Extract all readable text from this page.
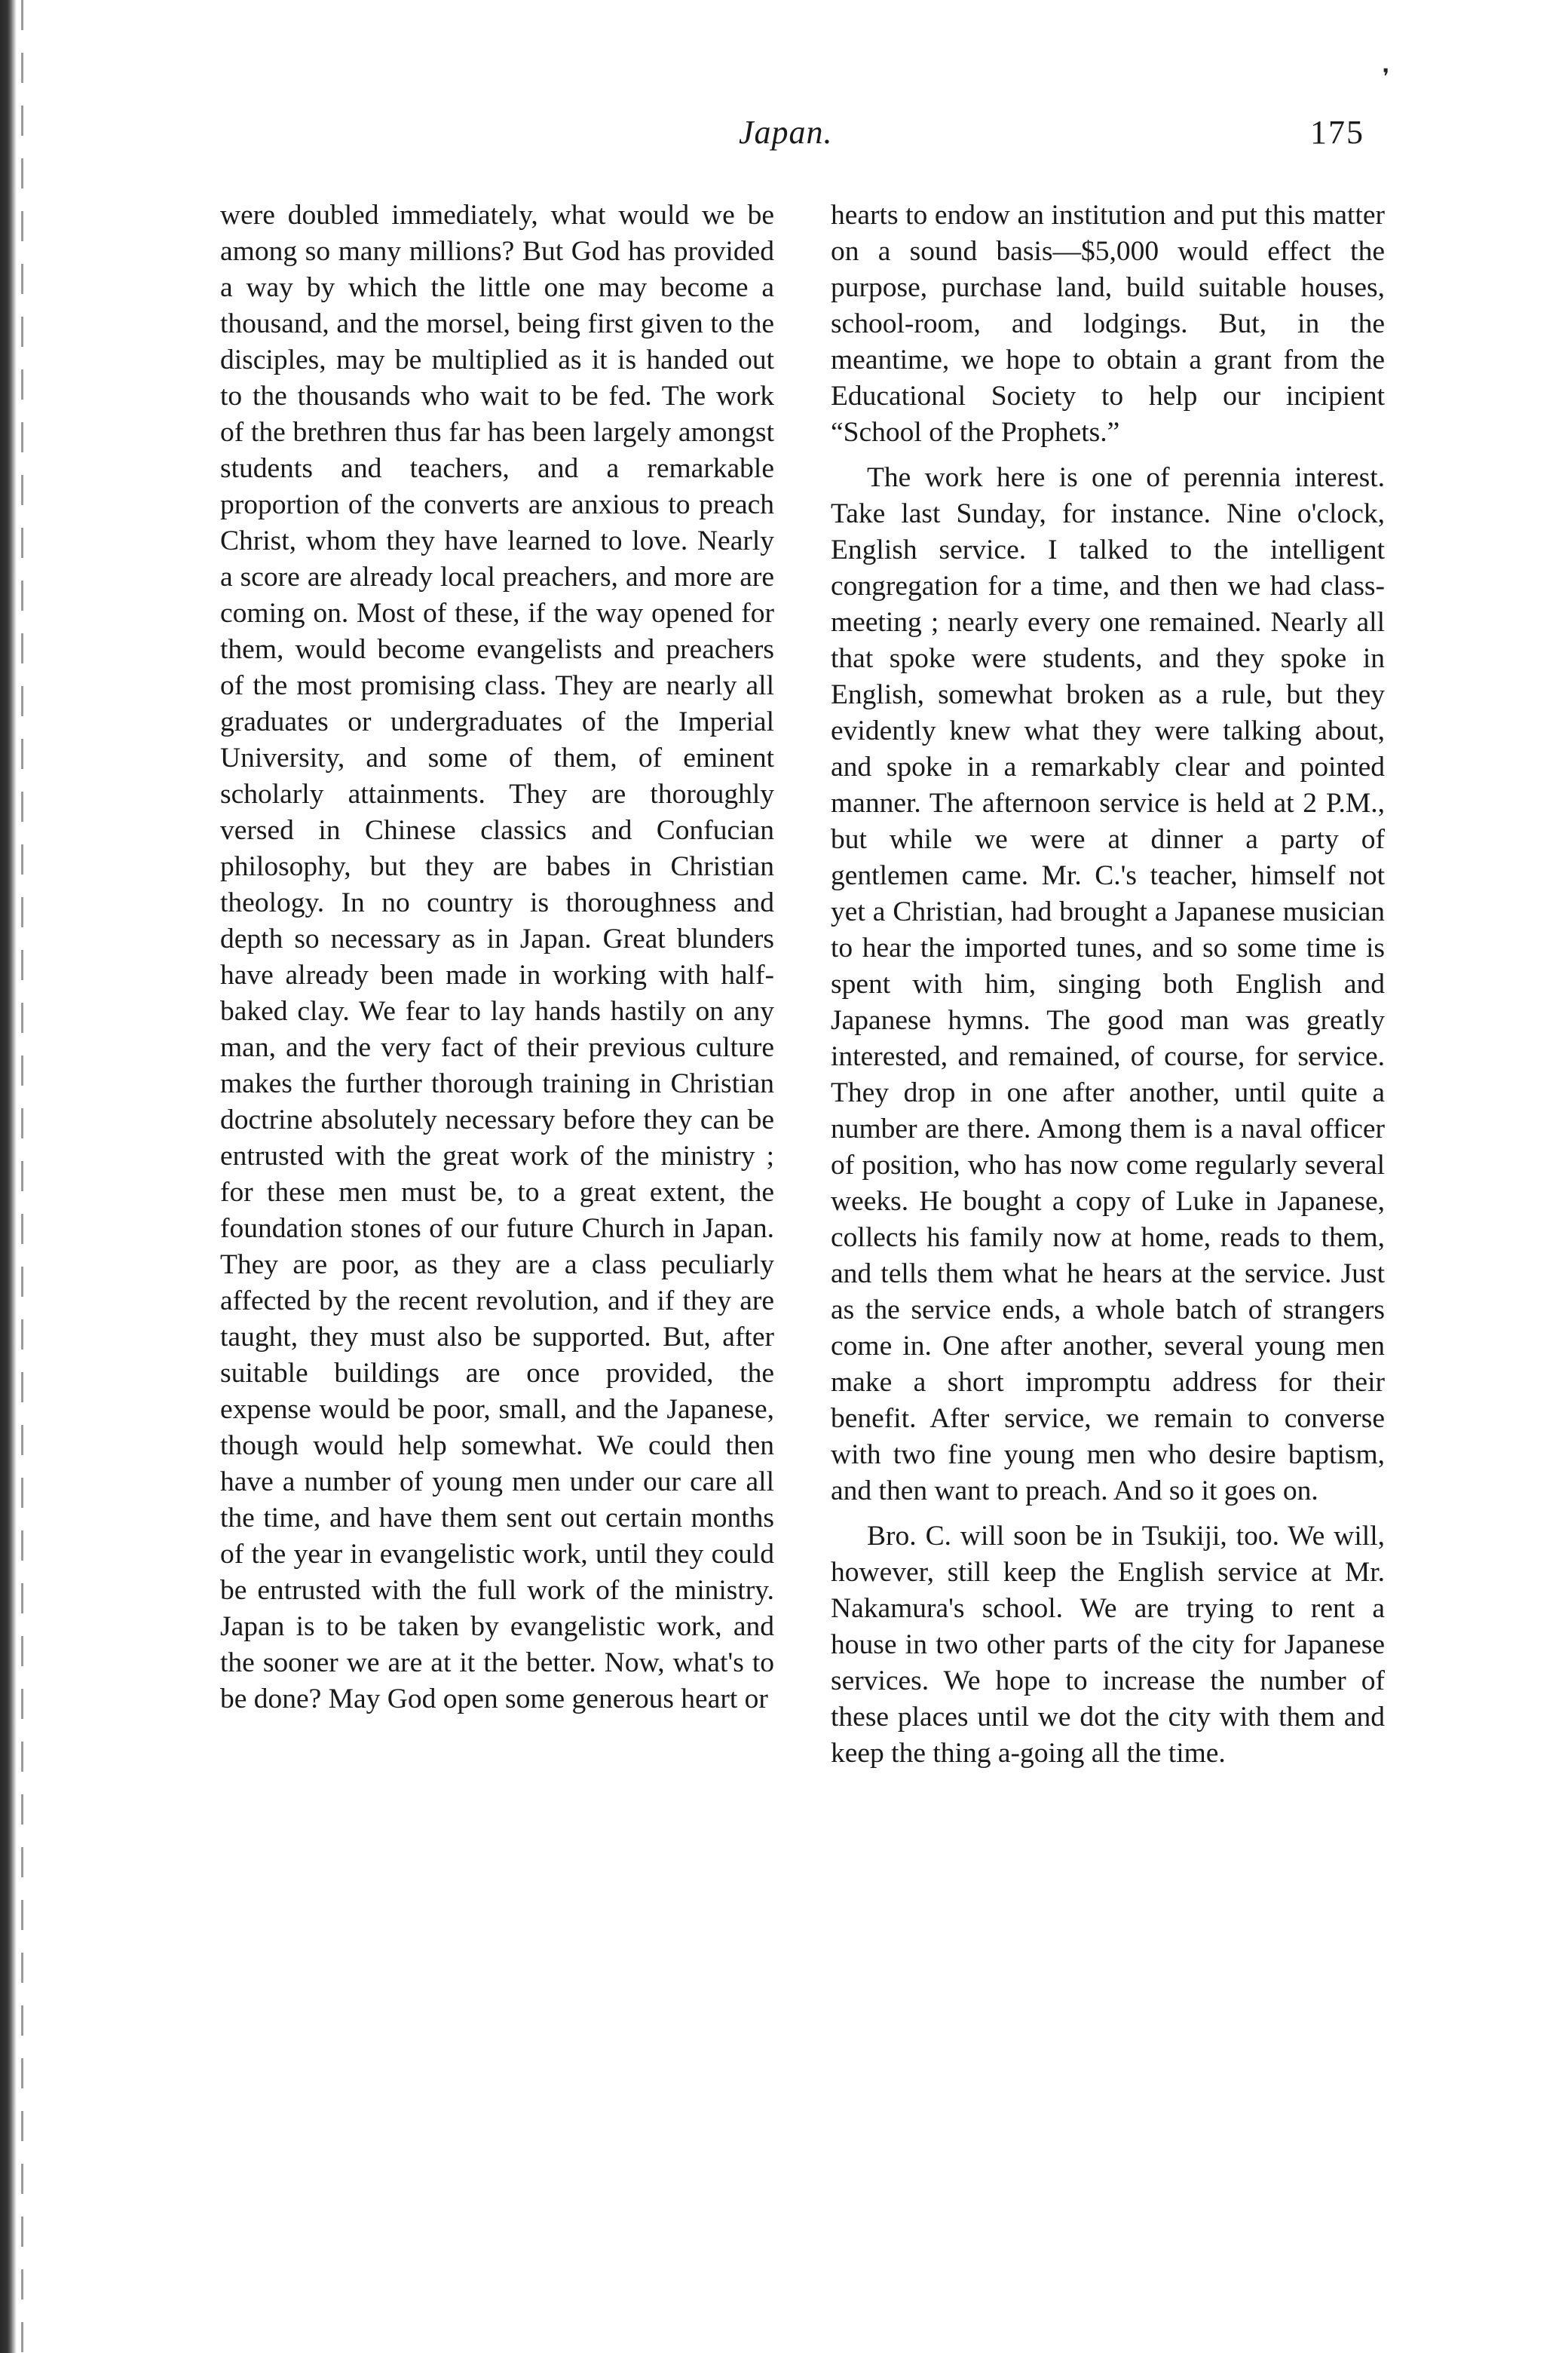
❜
Japan.	175

were doubled immediately, what would we be among so many millions? But God has provided a way by which the little one may become a thousand, and the morsel, being first given to the disciples, may be multiplied as it is handed out to the thousands who wait to be fed. The work of the brethren thus far has been largely amongst students and teachers, and a remarkable proportion of the converts are anxious to preach Christ, whom they have learned to love. Nearly a score are already local preachers, and more are coming on. Most of these, if the way opened for them, would become evangelists and preachers of the most promising class. They are nearly all graduates or undergraduates of the Imperial University, and some of them, of eminent scholarly attainments. They are thoroughly versed in Chinese classics and Confucian philosophy, but they are babes in Christian theology. In no country is thoroughness and depth so necessary as in Japan. Great blunders have already been made in working with half-baked clay. We fear to lay hands hastily on any man, and the very fact of their previous culture makes the further thorough training in Christian doctrine absolutely necessary before they can be entrusted with the great work of the ministry ; for these men must be, to a great extent, the foundation stones of our future Church in Japan. They are poor, as they are a class peculiarly affected by the recent revolution, and if they are taught, they must also be supported. But, after suitable buildings are once provided, the expense would be poor, small, and the Japanese, though would help somewhat. We could then have a number of young men under our care all the time, and have them sent out certain months of the year in evangelistic work, until they could be entrusted with the full work of the ministry. Japan is to be taken by evangelistic work, and the sooner we are at it the better. Now, what's to be done? May God open some generous heart or

hearts to endow an institution and put this matter on a sound basis—$5,000 would effect the purpose, purchase land, build suitable houses, school-room, and lodgings. But, in the meantime, we hope to obtain a grant from the Educational Society to help our incipient “School of the Prophets.”

The work here is one of perennia interest. Take last Sunday, for instance. Nine o'clock, English service. I talked to the intelligent congregation for a time, and then we had class-meeting ; nearly every one remained. Nearly all that spoke were students, and they spoke in English, somewhat broken as a rule, but they evidently knew what they were talking about, and spoke in a remarkably clear and pointed manner. The afternoon service is held at 2 P.M., but while we were at dinner a party of gentlemen came. Mr. C.'s teacher, himself not yet a Christian, had brought a Japanese musician to hear the imported tunes, and so some time is spent with him, singing both English and Japanese hymns. The good man was greatly interested, and remained, of course, for service. They drop in one after another, until quite a number are there. Among them is a naval officer of position, who has now come regularly several weeks. He bought a copy of Luke in Japanese, collects his family now at home, reads to them, and tells them what he hears at the service. Just as the service ends, a whole batch of strangers come in. One after another, several young men make a short impromptu address for their benefit. After service, we remain to converse with two fine young men who desire baptism, and then want to preach. And so it goes on.

Bro. C. will soon be in Tsukiji, too. We will, however, still keep the English service at Mr. Nakamura's school. We are trying to rent a house in two other parts of the city for Japanese services. We hope to increase the number of these places until we dot the city with them and keep the thing a-going all the time.
